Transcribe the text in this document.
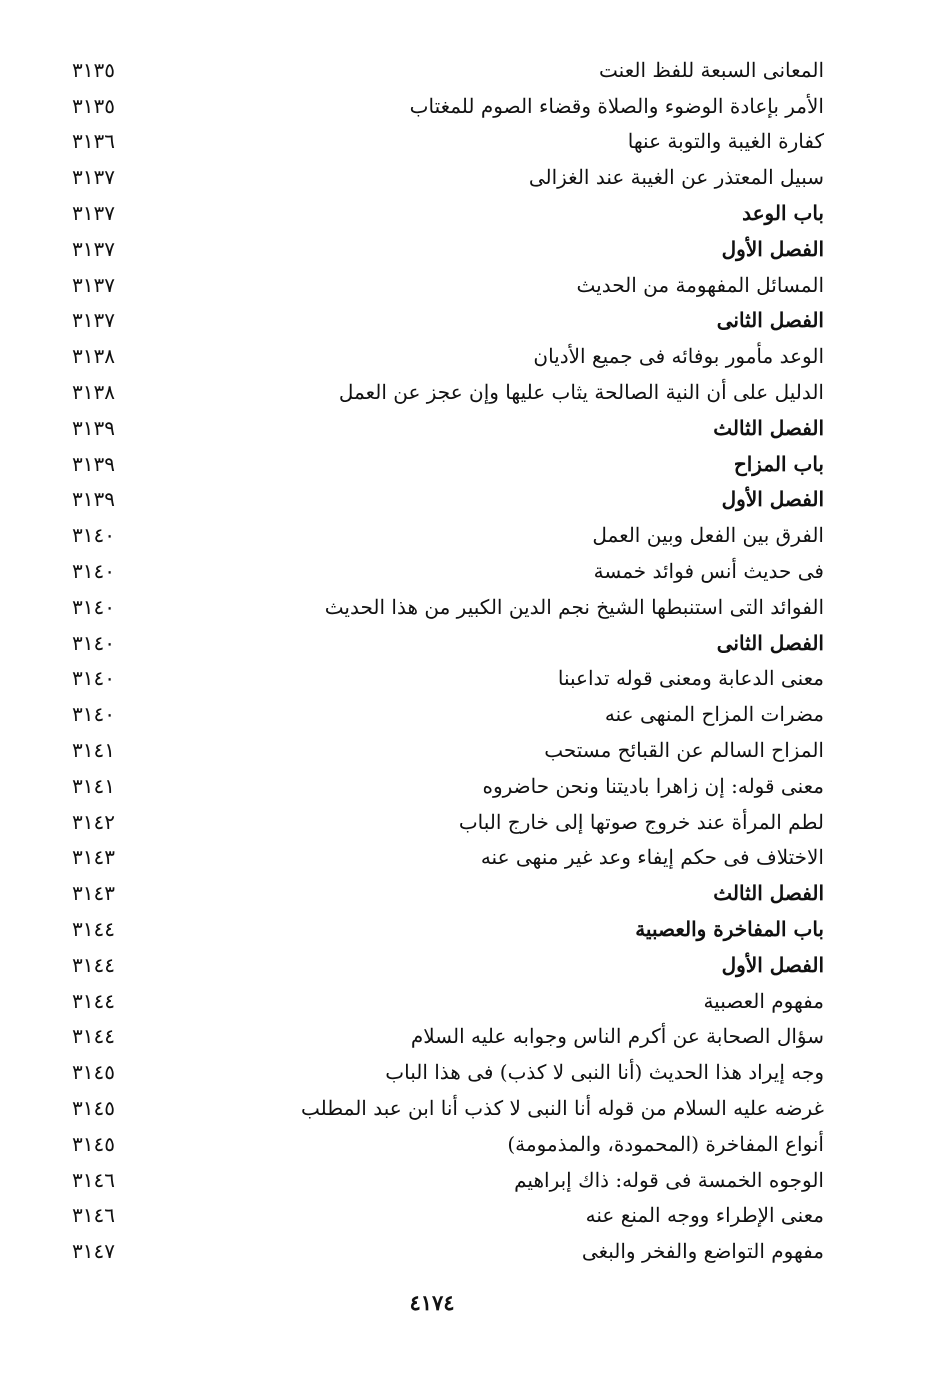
المعانى السبعة للفظ العنت
٣١٣٥
الأمر بإعادة الوضوء والصلاة وقضاء الصوم للمغتاب
٣١٣٥
كفارة الغيبة والتوبة عنها
٣١٣٦
سبيل المعتذر عن الغيبة عند الغزالى
٣١٣٧
باب الوعد
٣١٣٧
الفصل الأول
٣١٣٧
المسائل المفهومة من الحديث
٣١٣٧
الفصل الثانى
٣١٣٧
الوعد مأمور بوفائه فى جميع الأديان
٣١٣٨
الدليل على أن النية الصالحة يثاب عليها وإن عجز عن العمل
٣١٣٨
الفصل الثالث
٣١٣٩
باب المزاح
٣١٣٩
الفصل الأول
٣١٣٩
الفرق بين الفعل وبين العمل
٣١٤٠
فى حديث أنس فوائد خمسة
٣١٤٠
الفوائد التى استنبطها الشيخ نجم الدين الكبير من هذا الحديث
٣١٤٠
الفصل الثانى
٣١٤٠
معنى الدعابة ومعنى قوله تداعبنا
٣١٤٠
مضرات المزاح المنهى عنه
٣١٤٠
المزاح السالم عن القبائح مستحب
٣١٤١
معنى قوله: إن زاهرا باديتنا ونحن حاضروه
٣١٤١
لطم المرأة عند خروج صوتها إلى خارج الباب
٣١٤٢
الاختلاف فى حكم إيفاء وعد غير منهى عنه
٣١٤٣
الفصل الثالث
٣١٤٣
باب المفاخرة والعصبية
٣١٤٤
الفصل الأول
٣١٤٤
مفهوم العصبية
٣١٤٤
سؤال الصحابة عن أكرم الناس وجوابه عليه السلام
٣١٤٤
وجه إيراد هذا الحديث (أنا النبى لا كذب) فى هذا الباب
٣١٤٥
غرضه عليه السلام من قوله أنا النبى لا كذب أنا ابن عبد المطلب
٣١٤٥
أنواع المفاخرة (المحمودة، والمذمومة)
٣١٤٥
الوجوه الخمسة فى قوله: ذاك إبراهيم
٣١٤٦
معنى الإطراء ووجه المنع عنه
٣١٤٦
مفهوم التواضع والفخر والبغى
٣١٤٧
٤١٧٤
